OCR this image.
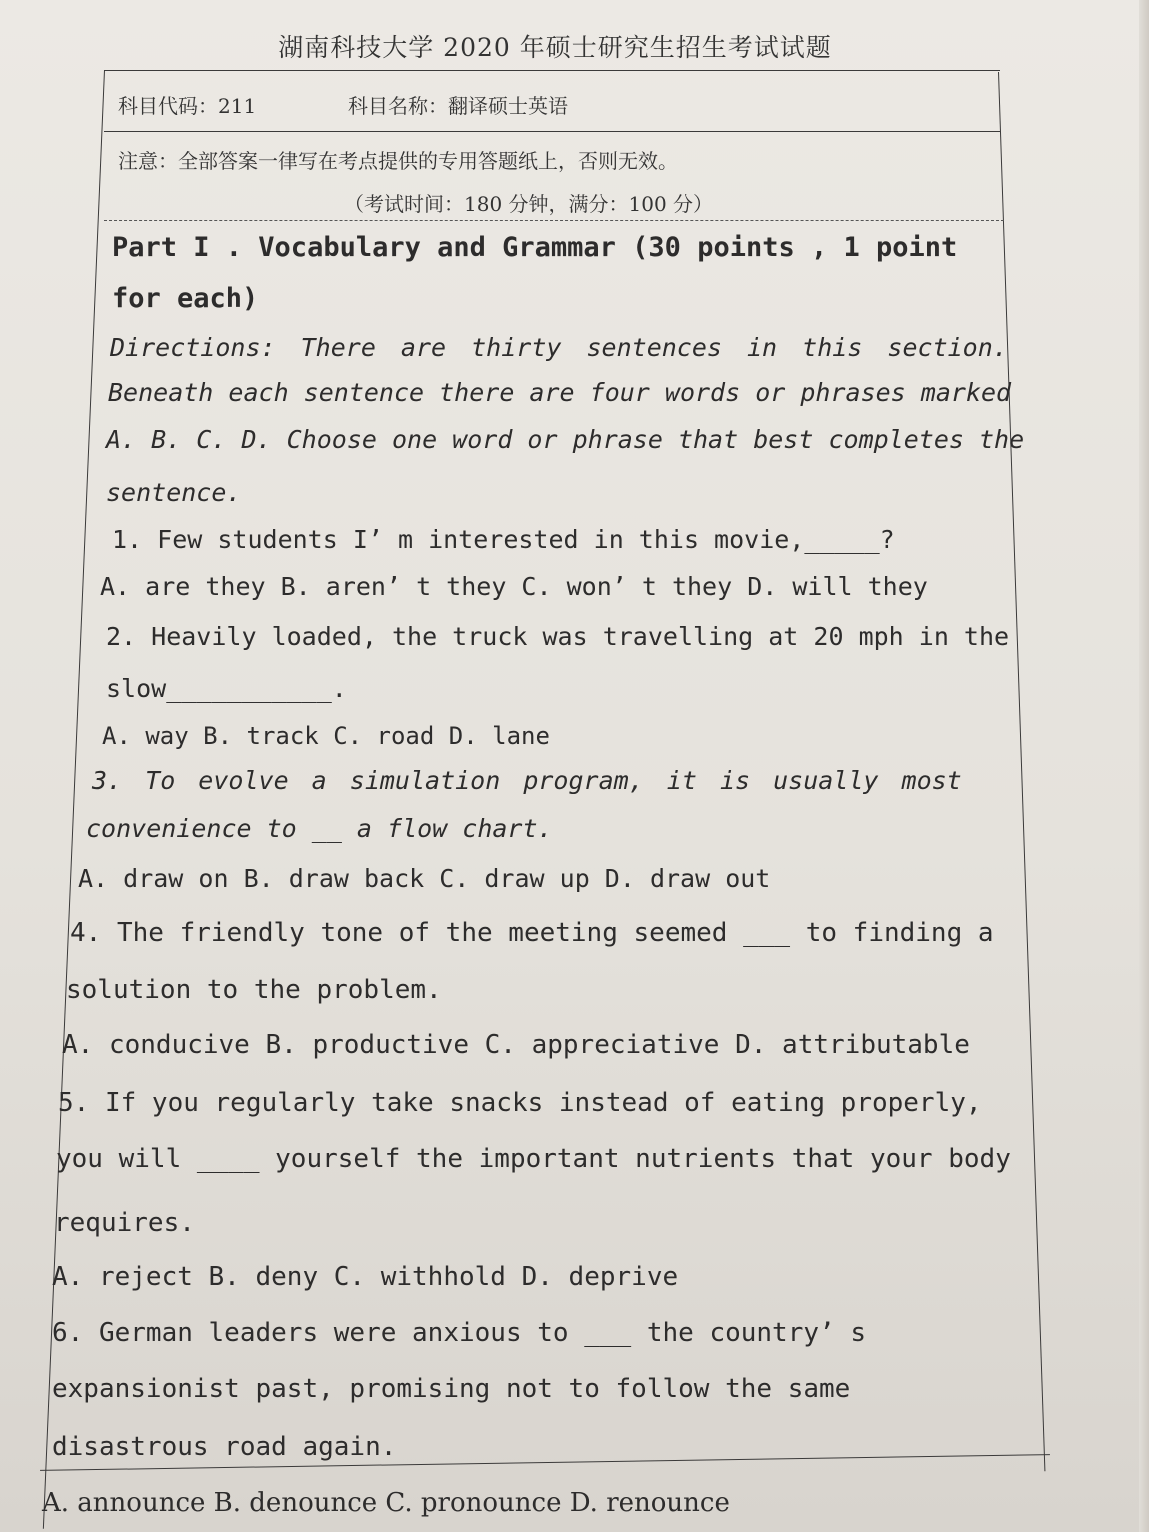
湖南科技大学 2020 年硕士研究生招生考试试题
科目代码：211	科目名称：翻译硕士英语
注意：全部答案一律写在考点提供的专用答题纸上，否则无效。
（考试时间：180 分钟，满分：100 分）
Part I . Vocabulary and Grammar (30 points , 1 point
for each)
Directions: There are thirty sentences in this section.
Beneath each sentence there are four words or phrases marked
A. B. C. D. Choose one word or phrase that best completes the
sentence.
1. Few students I’ m interested in this movie,_____?
A. are they B. aren’ t they C. won’ t they D. will they
2. Heavily loaded, the truck was travelling at 20 mph in the
slow___________.
A. way B. track C. road D. lane
3. To evolve a simulation program, it is usually most
convenience to __ a flow chart.
A. draw on B. draw back C. draw up D. draw out
4. The friendly tone of the meeting seemed ___ to finding a
solution to the problem.
A. conducive B. productive C. appreciative D. attributable
5. If you regularly take snacks instead of eating properly,
you will ____ yourself the important nutrients that your body
requires.
A. reject B. deny C. withhold D. deprive
6. German leaders were anxious to ___ the country’ s
expansionist past, promising not to follow the same
disastrous road again.
A. announce B. denounce C. pronounce D. renounce
